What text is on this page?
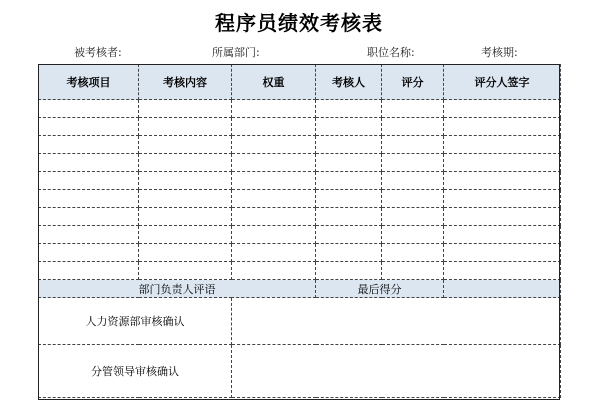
程序员绩效考核表
被考核者:	所属部门:	职位名称:	考核期:
考核项目	考核内容	权重	考核人	评分	评分人签字

部门负责人评语			最后得分		
人力资源部审核确认					
分管领导审核确认					
